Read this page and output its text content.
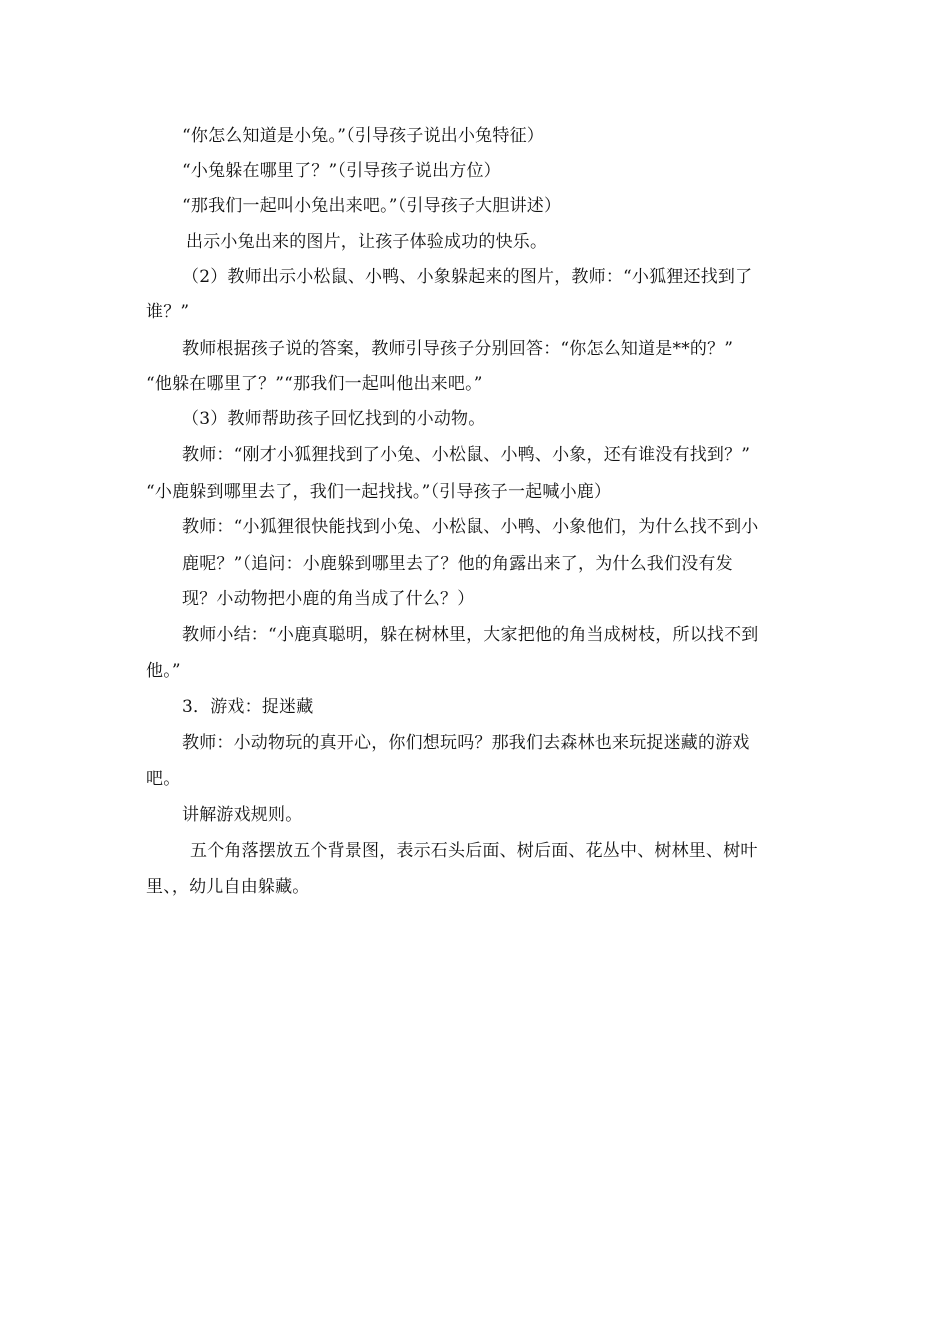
“你怎么知道是小兔。”（引导孩子说出小兔特征）
“小兔躲在哪里了？”（引导孩子说出方位）
“那我们一起叫小兔出来吧。”（引导孩子大胆讲述）
出示小兔出来的图片，让孩子体验成功的快乐。
（2）教师出示小松鼠、小鸭、小象躲起来的图片，教师：“小狐狸还找到了
谁？”
教师根据孩子说的答案，教师引导孩子分别回答：“你怎么知道是**的？”
“他躲在哪里了？”“那我们一起叫他出来吧。”
（3）教师帮助孩子回忆找到的小动物。
教师：“刚才小狐狸找到了小兔、小松鼠、小鸭、小象，还有谁没有找到？”
“小鹿躲到哪里去了，我们一起找找。”（引导孩子一起喊小鹿）
教师：“小狐狸很快能找到小兔、小松鼠、小鸭、小象他们，为什么找不到小
鹿呢？”（追问：小鹿躲到哪里去了？他的角露出来了，为什么我们没有发
现？小动物把小鹿的角当成了什么？）
教师小结：“小鹿真聪明，躲在树林里，大家把他的角当成树枝，所以找不到
他。”
3．游戏：捉迷藏
教师：小动物玩的真开心，你们想玩吗？那我们去森林也来玩捉迷藏的游戏
吧。
讲解游戏规则。
五个角落摆放五个背景图，表示石头后面、树后面、花丛中、树林里、树叶
里、，幼儿自由躲藏。
